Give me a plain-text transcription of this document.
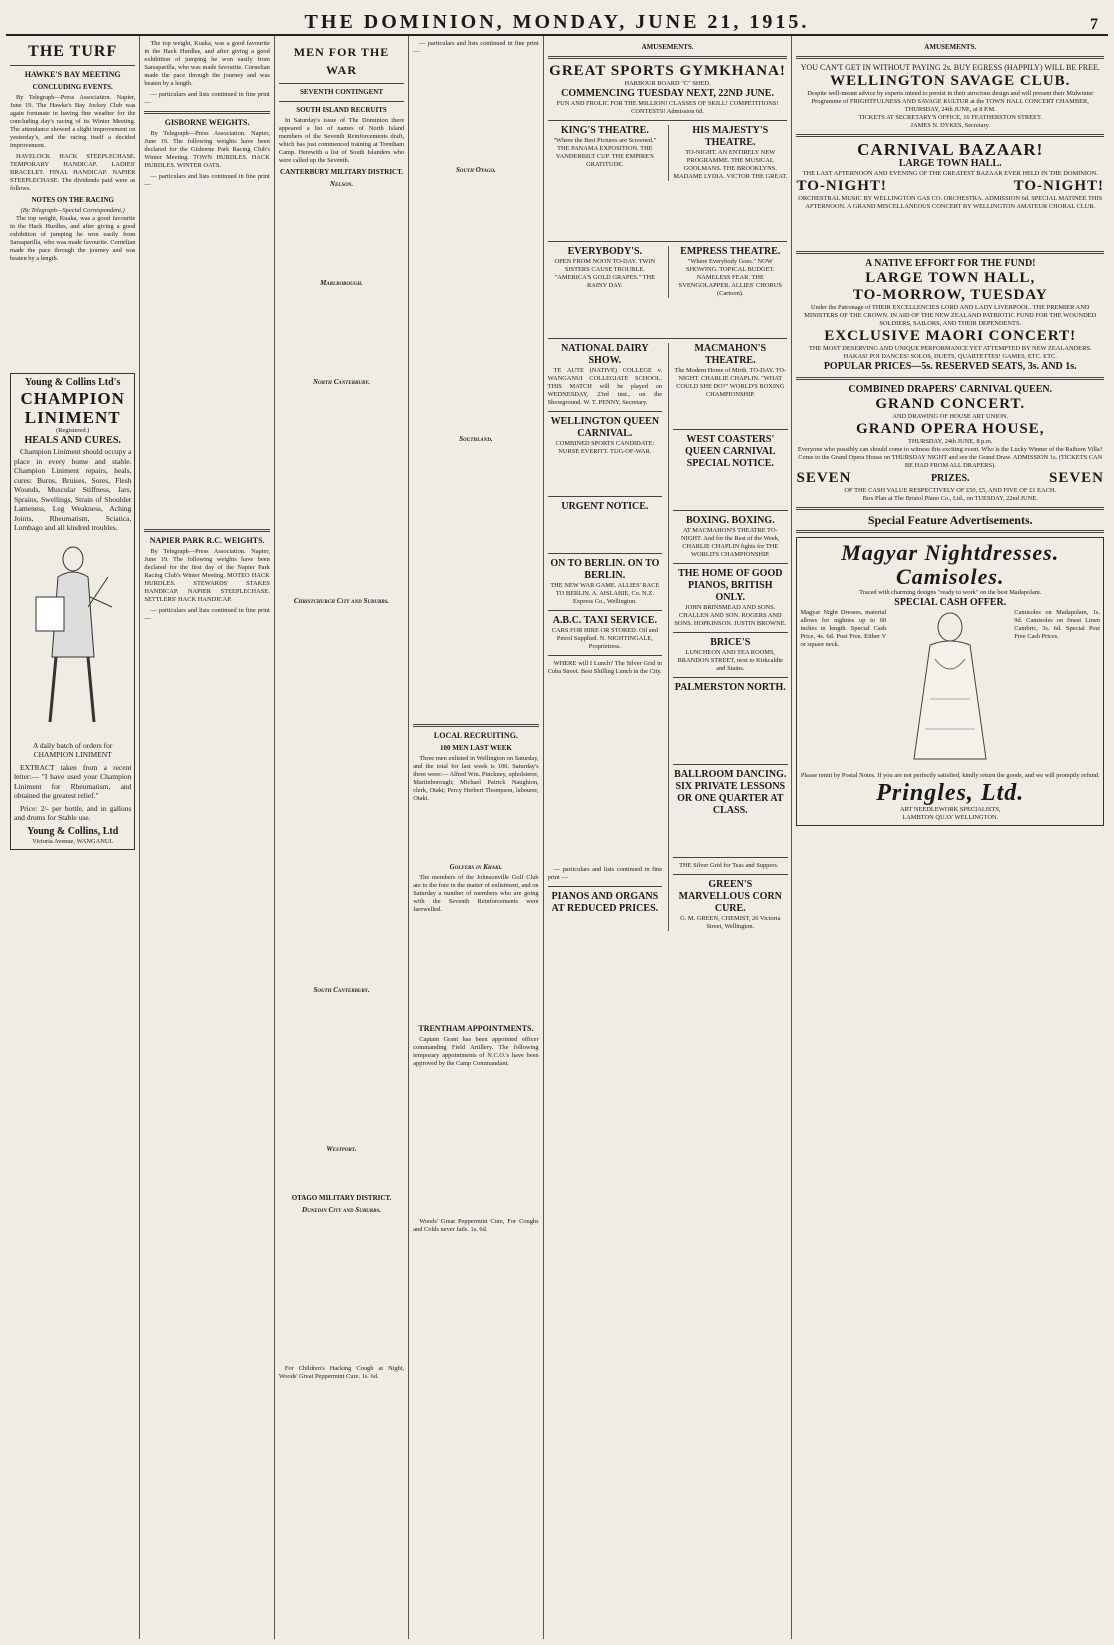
THE DOMINION, MONDAY, JUNE 21, 1915.	7
THE TURF
HAWKE'S BAY MEETING
CONCLUDING EVENTS.

By Telegraph—Press Association. Napier, June 19. The Hawke's Bay Jockey Club was again fortunate in having fine weather for the concluding day's racing of its Winter Meeting. The attendance showed a slight improvement on yesterday's, and the racing itself a decided improvement.

HAVELOCK HACK STEEPLECHASE. TEMPORARY HANDICAP. LADIES' BRACELET. FINAL HANDICAP. NAPIER STEEPLECHASE. The dividends paid were as follows.

NOTES ON THE RACING
(By Telegraph—Special Correspondent.)

The top weight, Kuaka, was a good favourite in the Hack Hurdles, and after giving a good exhibition of jumping he won easily from Sarsaparilla, who was made favourite. Cornelian made the pace through the journey and was beaten by a length.

Young & Collins Ltd's
CHAMPION LINIMENT
(Registered.)
HEALS AND CURES.

Champion Liniment should occupy a place in every home and stable. Champion Liniment repairs, heals, cures: Burns, Bruises, Sores, Flesh Wounds, Muscular Stiffness, Jars, Sprains, Swellings, Strain of Shoulder Lameness, Leg Weakness, Aching Joints, Rheumatism, Sciatica, Lumbago and all kindred troubles.

A daily batch of orders for CHAMPION LINIMENT

EXTRACT taken from a recent letter:— "I have used your Champion Liniment for Rheumatism, and obtained the greatest relief."

Price: 2/- per bottle, and in gallons and drums for Stable use.

Young & Collins, Ltd
Victoria Avenue, WANGANUI.

The top weight, Kuaka, was a good favourite in the Hack Hurdles, and after giving a good exhibition of jumping he won easily from Sarsaparilla, who was made favourite. Cornelian made the pace through the journey and was beaten by a length.

— particulars and lists continued in fine print —

GISBORNE WEIGHTS.

By Telegraph—Press Association. Napier, June 19. The following weights have been declared for the Gisborne Park Racing Club's Winter Meeting. TOWN HURDLES. HACK HURDLES. WINTER OATS.

— particulars and lists continued in fine print —

NAPIER PARK R.C. WEIGHTS.

By Telegraph—Press Association. Napier, June 19. The following weights have been declared for the first day of the Napier Park Racing Club's Winter Meeting. MOTEO HACK HURDLES. STEWARDS' STAKES HANDICAP. NAPIER STEEPLECHASE. SETTLERS' HACK HANDICAP.

— particulars and lists continued in fine print —

MEN FOR THE WAR
SEVENTH CONTINGENT
SOUTH ISLAND RECRUITS

In Saturday's issue of The Dominion there appeared a list of names of North Island members of the Seventh Reinforcements draft, which has just commenced training at Trentham Camp. Herewith a list of South Islanders who were called up the Seventh.

CANTERBURY MILITARY DISTRICT.
Nelson.
Marlborough.
North Canterbury.
Christchurch City and Suburbs.
South Canterbury.
Westport.
OTAGO MILITARY DISTRICT.
Dunedin City and Suburbs.

For Children's Hacking Cough at Night, Woods' Great Peppermint Cure. 1s. 6d.

— particulars and lists continued in fine print —

South Otago.
Southland.
LOCAL RECRUITING.
100 MEN LAST WEEK

Three men enlisted in Wellington on Saturday, and the total for last week is 100. Saturday's three were:— Alfred Wm. Pinckney, upholsterer, Martinborough; Michael Patrick Naughton, clerk, Otaki; Percy Herbert Thompson, labourer, Otaki.

Golfers in Khaki.

The members of the Johnsonville Golf Club are to the fore in the matter of enlistment, and on Saturday a number of members who are going with the Seventh Reinforcements were farewelled.

TRENTHAM APPOINTMENTS.

Captain Grant has been appointed officer commanding Field Artillery. The following temporary appointments of N.C.O.'s have been approved by the Camp Commandant.

Woods' Great Peppermint Cure, For Coughs and Colds never fails. 1s. 6d.

AMUSEMENTS.
GREAT SPORTS GYMKHANA!
HARBOUR BOARD "C" SHED.
COMMENCING TUESDAY NEXT, 22ND JUNE.
FUN AND FROLIC FOR THE MILLION! CLASSES OF SKILL! COMPETITIONS! CONTESTS! Admission 6d.
KING'S THEATRE.
"Where the Best Pictures are Screened." THE PANAMA EXPOSITION. THE VANDERBILT CUP. THE EMPIRE'S GRATITUDE.
HIS MAJESTY'S THEATRE.
TO-NIGHT. AN ENTIRELY NEW PROGRAMME. THE MUSICAL GOOLMANS. THE BROOKLYNS. MADAME LYDIA. VICTOR THE GREAT.
EVERYBODY'S.
OPEN FROM NOON TO-DAY. TWIN SISTERS CAUSE TROUBLE. "AMERICA'S GOLD GRAPES." THE RAINY DAY.
EMPRESS THEATRE.
"Where Everybody Goes." NOW SHOWING. TOPICAL BUDGET. NAMELESS FEAR. THE SVENGOLAPPER. ALLIES' CHORUS (Cartoon).
NATIONAL DAIRY SHOW.

TE AUTE (NATIVE) COLLEGE v. WANGANUI COLLEGIATE SCHOOL. THIS MATCH will be played on WEDNESDAY, 23rd inst., on the Showground. W. T. PENNY, Secretary.

WELLINGTON QUEEN CARNIVAL.
COMBINED SPORTS CANDIDATE: NURSE EVERITT. TUG-OF-WAR.
URGENT NOTICE.
ON TO BERLIN. ON TO BERLIN.
THE NEW WAR GAME. ALLIES' RACE TO BERLIN. A. AISLABIE, Co. N.Z. Express Co., Wellington.
A.B.C. TAXI SERVICE.
CARS FOR HIRE OR STORED. Oil and Petrol Supplied. N. NIGHTINGALE, Proprietress.

WHERE will I Lunch? The Silver Grid in Cuba Street. Best Shilling Lunch in the City.

— particulars and lists continued in fine print —

PIANOS AND ORGANS AT REDUCED PRICES.
MACMAHON'S THEATRE.
The Modern Home of Mirth. TO-DAY. TO-NIGHT. CHARLIE CHAPLIN. "WHAT COULD SHE DO?" WORLD'S BOXING CHAMPIONSHIP.
WEST COASTERS' QUEEN CARNIVAL SPECIAL NOTICE.
BOXING. BOXING.
AT MACMAHON'S THEATRE TO-NIGHT. And for the Rest of the Week, CHARLIE CHAPLIN fights for THE WORLD'S CHAMPIONSHIP.
THE HOME OF GOOD PIANOS, BRITISH ONLY.
JOHN BRINSMEAD AND SONS. CHALLEN AND SON. ROGERS AND SONS. HOPKINSON. JUSTIN BROWNE.
BRICE'S
LUNCHEON AND TEA ROOMS, BRANDON STREET, next to Kirkcaldie and Stains.
PALMERSTON NORTH.
BALLROOM DANCING. SIX PRIVATE LESSONS OR ONE QUARTER AT CLASS.

THE Silver Grid for Teas and Suppers.

GREEN'S MARVELLOUS CORN CURE.
G. M. GREEN, CHEMIST, 26 Victoria Street, Wellington.
AMUSEMENTS.
YOU CAN'T GET IN WITHOUT PAYING 2s. BUY EGRESS (HAPPILY) WILL BE FREE.
WELLINGTON SAVAGE CLUB.
Despite well-meant advice by experts intend to persist in their atrocious design and will present their Midwinter Programme of FRIGHTFULNESS AND SAVAGE KULTUR at the TOWN HALL CONCERT CHAMBER, THURSDAY, 24th JUNE, at 8 P.M.
TICKETS AT SECRETARY'S OFFICE, 16 FEATHERSTON STREET.
JAMES N. DYKES, Secretary.
CARNIVAL BAZAAR!
LARGE TOWN HALL.
THE LAST AFTERNOON AND EVENING OF THE GREATEST BAZAAR EVER HELD IN THE DOMINION.
TO-NIGHT!	TO-NIGHT!
ORCHESTRAL MUSIC BY WELLINGTON GAS CO. ORCHESTRA. ADMISSION 6d. SPECIAL MATINEE THIS AFTERNOON. A GRAND MISCELLANEOUS CONCERT BY WELLINGTON AMATEUR CHORAL CLUB.
A NATIVE EFFORT FOR THE FUND!
LARGE TOWN HALL,
TO-MORROW, TUESDAY
Under the Patronage of THEIR EXCELLENCIES LORD AND LADY LIVERPOOL. THE PREMIER AND MINISTERS OF THE CROWN. IN AID OF THE NEW ZEALAND PATRIOTIC FUND FOR THE WOUNDED SOLDIERS, SAILORS, AND THEIR DEPENDENTS.
EXCLUSIVE MAORI CONCERT!
THE MOST DESERVING AND UNIQUE PERFORMANCE YET ATTEMPTED BY NEW ZEALANDERS. HAKAS! POI DANCES! SOLOS, DUETS, QUARTETTES! GAMES, ETC. ETC.
POPULAR PRICES—5s. RESERVED SEATS, 3s. AND 1s.
COMBINED DRAPERS' CARNIVAL QUEEN.
GRAND CONCERT.
AND DRAWING OF HOUSE ART UNION.
GRAND OPERA HOUSE,
THURSDAY, 24th JUNE, 8 p.m.
Everyone who possibly can should come to witness this exciting event. Who is the Lucky Winner of the Raihorn Villa? Come to the Grand Opera House on THURSDAY NIGHT and see the Grand Draw. ADMISSION 1s. (TICKETS CAN BE HAD FROM ALL DRAPERS).
SEVEN	PRIZES.	SEVEN
OF THE CASH VALUE RESPECTIVELY OF £50, £5, AND FIVE OF £1 EACH.
Box Plan at The Bristol Piano Co., Ltd., on TUESDAY, 22nd JUNE.
Special Feature Advertisements.
Magyar Nightdresses.
Camisoles.
Traced with charming designs "ready to work" on the best Madapolam.
SPECIAL CASH OFFER.
Magyar Night Dresses, material allows for nighties up to 60 inches in length. Special Cash Price, 4s. 6d. Post Free. Either V or square neck.
Camisoles on Madapolam, 1s. 9d. Camisoles on finest Linen Cambric, 3s. 6d. Special Post Free Cash Prices.
Please remit by Postal Notes. If you are not perfectly satisfied, kindly return the goods, and we will promptly refund.
Pringles, Ltd.
ART NEEDLEWORK SPECIALISTS,
LAMBTON QUAY WELLINGTON.
